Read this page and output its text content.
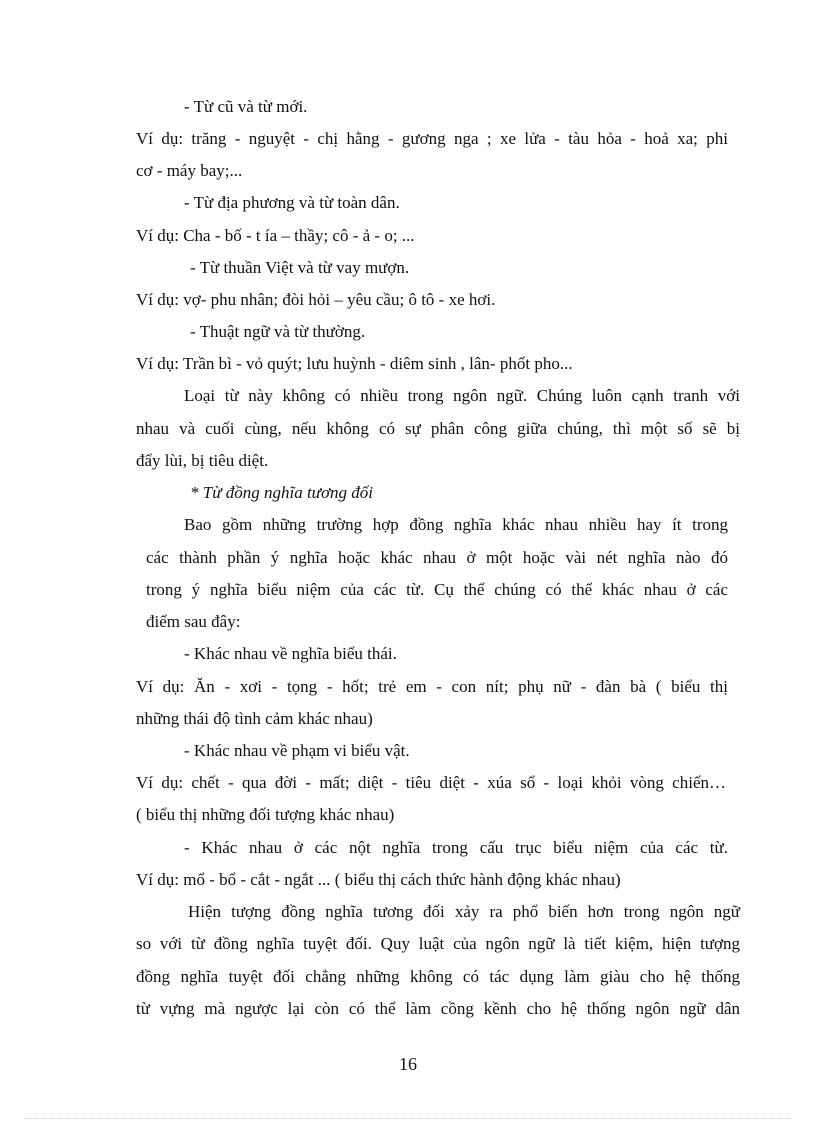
- Từ cũ và từ mới.
Ví dụ: trăng - nguyệt - chị hằng - gương nga ; xe lửa - tàu hỏa - hoả xa; phi
cơ - máy bay;...
- Từ địa phương và từ toàn dân.
Ví dụ: Cha - bố - t ía – thầy; cô - ả - o; ...
- Từ thuần Việt và từ vay mượn.
Ví dụ: vợ- phu nhân; đòi hỏi – yêu cầu; ô tô - xe hơi.
- Thuật ngữ và từ thường.
Ví dụ: Trần bì - vỏ quýt; lưu huỳnh - diêm sinh , lân- phốt pho...
Loại từ này không có nhiều trong ngôn ngữ. Chúng luôn cạnh tranh với
nhau và cuối cùng, nếu không có sự phân công giữa chúng, thì một số sẽ bị
đẩy lùi, bị tiêu diệt.
* Từ đồng nghĩa tương đối
Bao gồm những trường hợp đồng nghĩa khác nhau nhiều hay ít trong
các thành phần ý nghĩa hoặc khác nhau ở một hoặc vài nét nghĩa nào đó
trong ý nghĩa biểu niệm của các từ. Cụ thể chúng có thể khác nhau ở các
điểm sau đây:
- Khác nhau về nghĩa biểu thái.
Ví dụ: Ăn - xơi - tọng - hốt; trẻ em - con nít; phụ nữ - đàn bà ( biểu thị
những thái độ tình cảm khác nhau)
- Khác nhau về phạm vi biểu vật.
Ví dụ: chết - qua đời - mất; diệt - tiêu diệt - xúa sổ - loại khỏi vòng chiến…
( biểu thị những đối tượng khác nhau)
- Khác nhau ở các nột nghĩa trong cấu trục biểu niệm của các từ.
Ví dụ: mổ - bổ - cắt - ngắt ... ( biểu thị cách thức hành động khác nhau)
Hiện tượng đồng nghĩa tương đối xảy ra phổ biến hơn trong ngôn ngữ
so với từ đồng nghĩa tuyệt đối. Quy luật của ngôn ngữ là tiết kiệm, hiện tượng
đồng nghĩa tuyệt đối chẳng những không có tác dụng làm giàu cho hệ thống
từ vựng mà ngược lại còn có thể làm cồng kềnh cho hệ thống ngôn ngữ dân
16
